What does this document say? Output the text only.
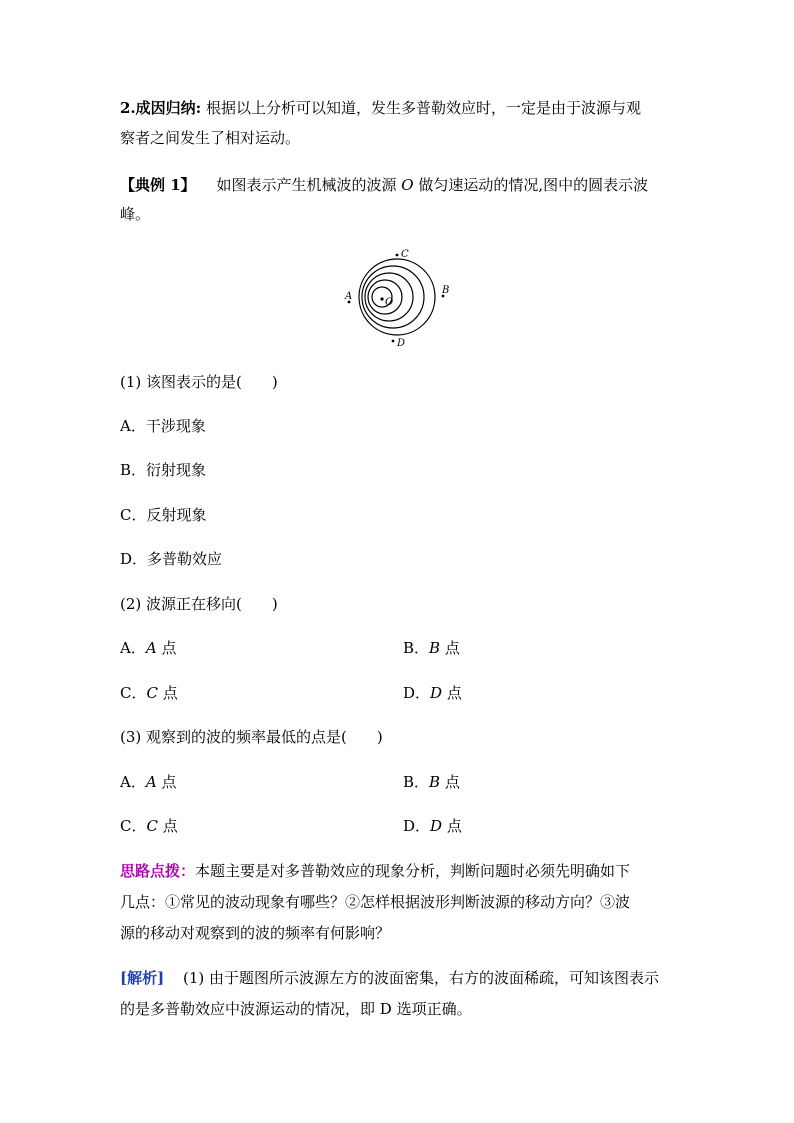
2.成因归纳: 根据以上分析可以知道，发生多普勒效应时，一定是由于波源与观
察者之间发生了相对运动。
【典例 1】 如图表示产生机械波的波源 O 做匀速运动的情况,图中的圆表示波
峰。
A
B
C
D
O
(1) 该图表示的是(　　)
A．干涉现象
B．衍射现象
C．反射现象
D．多普勒效应
(2) 波源正在移向(　　)
A．A 点	B．B 点
C．C 点	D．D 点
(3) 观察到的波的频率最低的点是(　　)
A．A 点	B．B 点
C．C 点	D．D 点
思路点拨：本题主要是对多普勒效应的现象分析，判断问题时必须先明确如下
几点：①常见的波动现象有哪些？②怎样根据波形判断波源的移动方向？③波
源的移动对观察到的波的频率有何影响？
[解析] (1) 由于题图所示波源左方的波面密集，右方的波面稀疏，可知该图表示
的是多普勒效应中波源运动的情况，即 D 选项正确。
